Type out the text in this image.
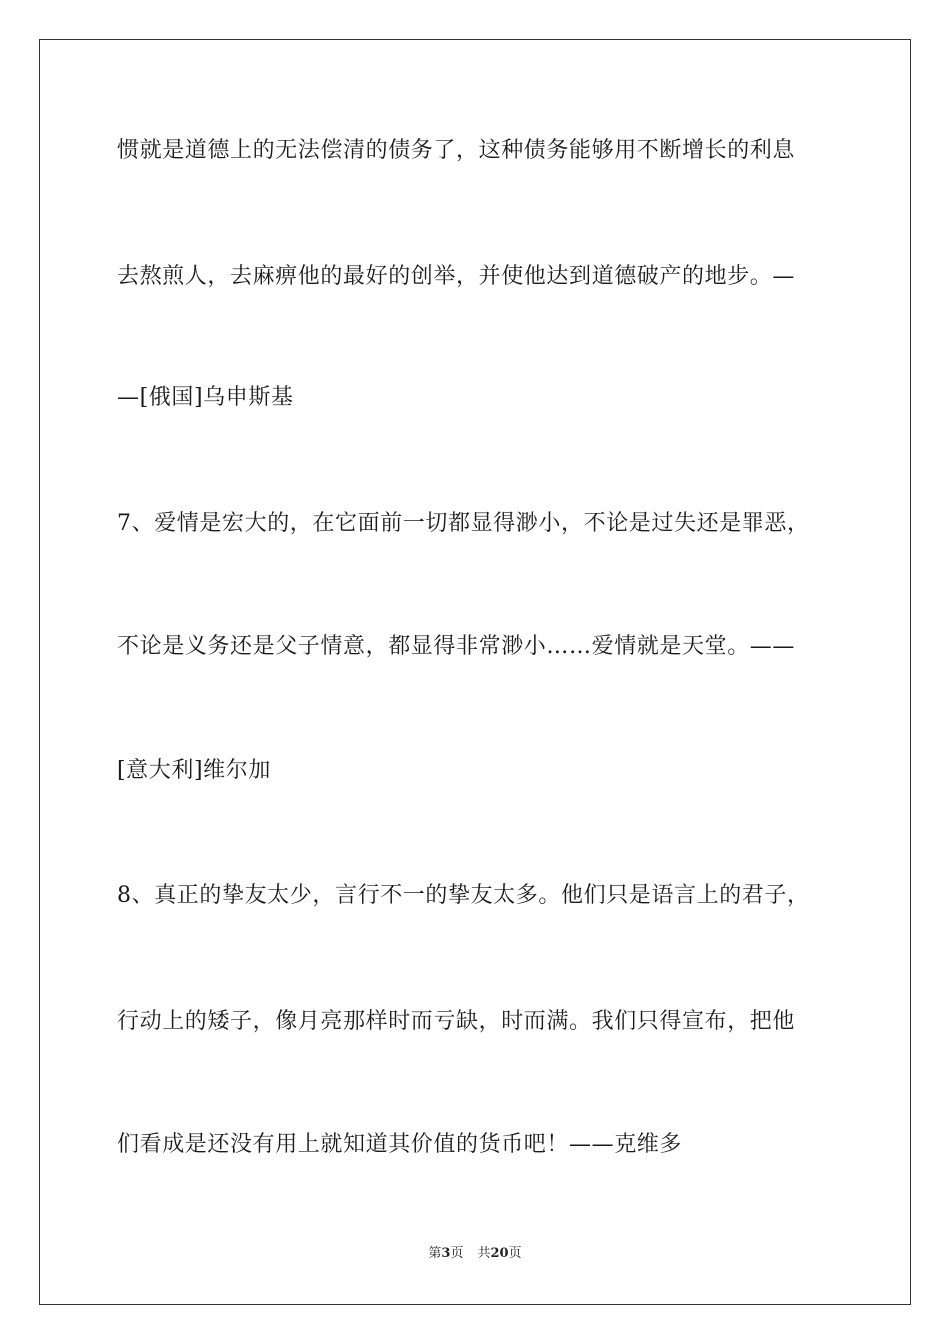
惯就是道德上的无法偿清的债务了，这种债务能够用不断增长的利息
去熬煎人，去麻痹他的最好的创举，并使他达到道德破产的地步。—
—[俄国]乌申斯基
7、爱情是宏大的，在它面前一切都显得渺小，不论是过失还是罪恶，
不论是义务还是父子情意，都显得非常渺小……爱情就是天堂。——
[意大利]维尔加
8、真正的挚友太少，言行不一的挚友太多。他们只是语言上的君子，
行动上的矮子，像月亮那样时而亏缺，时而满。我们只得宣布，把他
们看成是还没有用上就知道其价值的货币吧！——克维多
第3页 共20页
